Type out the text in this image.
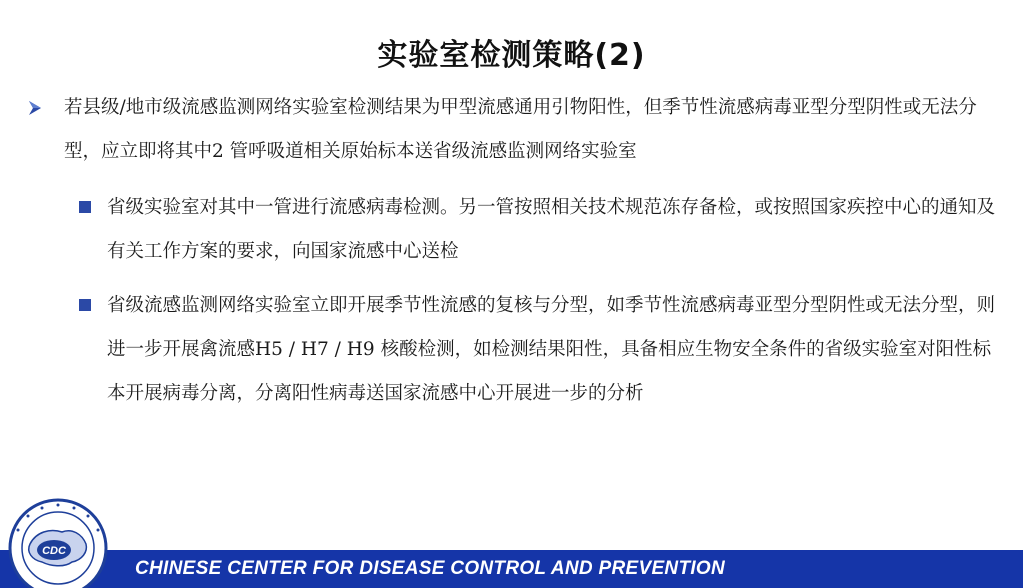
实验室检测策略(2)
若县级/地市级流感监测网络实验室检测结果为甲型流感通用引物阳性，但季节性流感病毒亚型分型阴性或无法分型，应立即将其中2 管呼吸道相关原始标本送省级流感监测网络实验室
省级实验室对其中一管进行流感病毒检测。另一管按照相关技术规范冻存备检，或按照国家疾控中心的通知及有关工作方案的要求，向国家流感中心送检
省级流感监测网络实验室立即开展季节性流感的复核与分型，如季节性流感病毒亚型分型阴性或无法分型，则进一步开展禽流感H5 / H7 / H9 核酸检测，如检测结果阳性，具备相应生物安全条件的省级实验室对阳性标本开展病毒分离，分离阳性病毒送国家流感中心开展进一步的分析
CHINESE CENTER FOR DISEASE CONTROL AND PREVENTION
CDC
